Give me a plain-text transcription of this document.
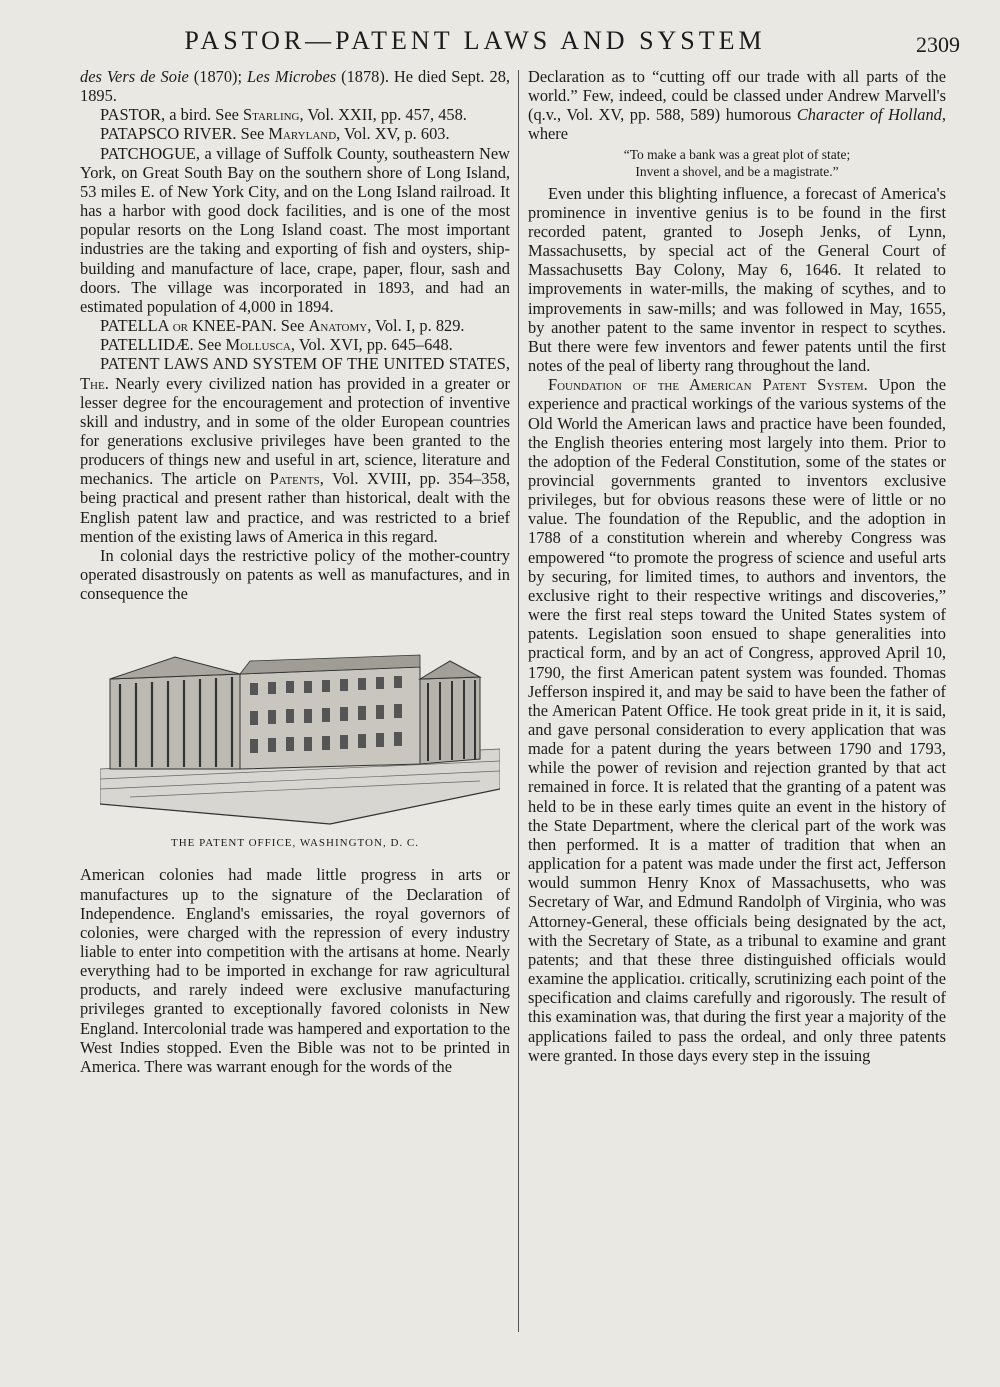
PASTOR—PATENT LAWS AND SYSTEM	2309

des Vers de Soie (1870); Les Microbes (1878). He died Sept. 28, 1895.

PASTOR, a bird. See Starling, Vol. XXII, pp. 457, 458.

PATAPSCO RIVER. See Maryland, Vol. XV, p. 603.

PATCHOGUE, a village of Suffolk County, southeastern New York, on Great South Bay on the southern shore of Long Island, 53 miles E. of New York City, and on the Long Island railroad. It has a harbor with good dock facilities, and is one of the most popular resorts on the Long Island coast. The most important industries are the taking and exporting of fish and oysters, ship-building and manufacture of lace, crape, paper, flour, sash and doors. The village was incorporated in 1893, and had an estimated population of 4,000 in 1894.

PATELLA or KNEE-PAN. See Anatomy, Vol. I, p. 829.

PATELLIDÆ. See Mollusca, Vol. XVI, pp. 645–648.

PATENT LAWS AND SYSTEM OF THE UNITED STATES, The. Nearly every civilized nation has provided in a greater or lesser degree for the encouragement and protection of inventive skill and industry, and in some of the older European countries for generations exclusive privileges have been granted to the producers of things new and useful in art, science, literature and mechanics. The article on Patents, Vol. XVIII, pp. 354–358, being practical and present rather than historical, dealt with the English patent law and practice, and was restricted to a brief mention of the existing laws of America in this regard.

In colonial days the restrictive policy of the mother-country operated disastrously on patents as well as manufactures, and in consequence the

THE PATENT OFFICE, WASHINGTON, D. C.

American colonies had made little progress in arts or manufactures up to the signature of the Declaration of Independence. England's emissaries, the royal governors of colonies, were charged with the repression of every industry liable to enter into competition with the artisans at home. Nearly everything had to be imported in exchange for raw agricultural products, and rarely indeed were exclusive manufacturing privileges granted to exceptionally favored colonists in New England. Intercolonial trade was hampered and exportation to the West Indies stopped. Even the Bible was not to be printed in America. There was warrant enough for the words of the

Declaration as to “cutting off our trade with all parts of the world.” Few, indeed, could be classed under Andrew Marvell's (q.v., Vol. XV, pp. 588, 589) humorous Character of Holland, where

“To make a bank was a great plot of state;
Invent a shovel, and be a magistrate.”

Even under this blighting influence, a forecast of America's prominence in inventive genius is to be found in the first recorded patent, granted to Joseph Jenks, of Lynn, Massachusetts, by special act of the General Court of Massachusetts Bay Colony, May 6, 1646. It related to improvements in water-mills, the making of scythes, and to improvements in saw-mills; and was followed in May, 1655, by another patent to the same inventor in respect to scythes. But there were few inventors and fewer patents until the first notes of the peal of liberty rang throughout the land.

Foundation of the American Patent System. Upon the experience and practical workings of the various systems of the Old World the American laws and practice have been founded, the English theories entering most largely into them. Prior to the adoption of the Federal Constitution, some of the states or provincial governments granted to inventors exclusive privileges, but for obvious reasons these were of little or no value. The foundation of the Republic, and the adoption in 1788 of a constitution wherein and whereby Congress was empowered “to promote the progress of science and useful arts by securing, for limited times, to authors and inventors, the exclusive right to their respective writings and discoveries,” were the first real steps toward the United States system of patents. Legislation soon ensued to shape generalities into practical form, and by an act of Congress, approved April 10, 1790, the first American patent system was founded. Thomas Jefferson inspired it, and may be said to have been the father of the American Patent Office. He took great pride in it, it is said, and gave personal consideration to every application that was made for a patent during the years between 1790 and 1793, while the power of revision and rejection granted by that act remained in force. It is related that the granting of a patent was held to be in these early times quite an event in the history of the State Department, where the clerical part of the work was then performed. It is a matter of tradition that when an application for a patent was made under the first act, Jefferson would summon Henry Knox of Massachusetts, who was Secretary of War, and Edmund Randolph of Virginia, who was Attorney-General, these officials being designated by the act, with the Secretary of State, as a tribunal to examine and grant patents; and that these three distinguished officials would examine the applicatioı. critically, scrutinizing each point of the specification and claims carefully and rigorously. The result of this examination was, that during the first year a majority of the applications failed to pass the ordeal, and only three patents were granted. In those days every step in the issuing
